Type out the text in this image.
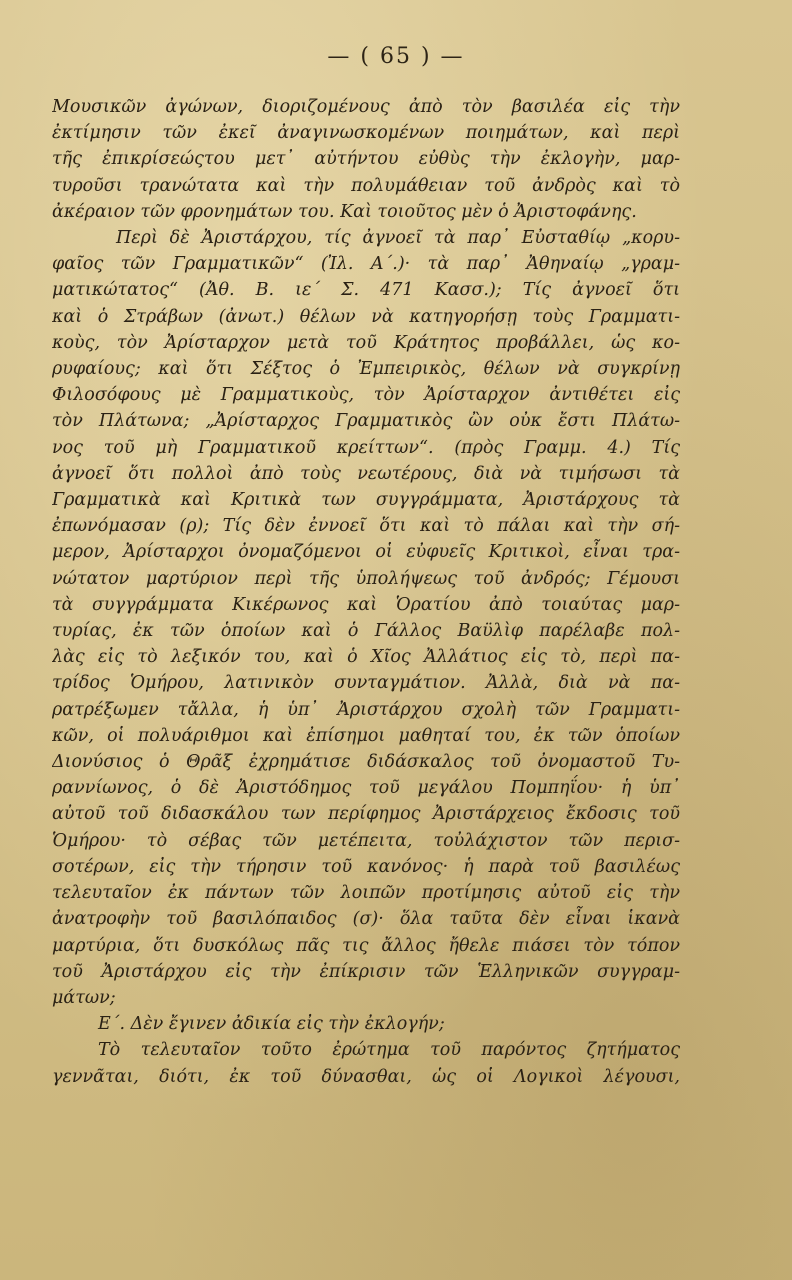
— ( 65 ) —
Μουσικῶν ἀγώνων, διοριζομένους ἀπὸ τὸν βασιλέα εἰς τὴν
ἐκτίμησιν τῶν ἐκεῖ ἀναγινωσκομένων ποιημάτων, καὶ περὶ
τῆς ἐπικρίσεώςτου μετ᾽ αὐτήντου εὐθὺς τὴν ἐκλογὴν, μαρ-
τυροῦσι τρανώτατα καὶ τὴν πολυμάθειαν τοῦ ἀνδρὸς καὶ τὸ
ἀκέραιον τῶν φρονημάτων του. Καὶ τοιοῦτος μὲν ὁ Ἀριστοφάνης.
Περὶ δὲ Ἀριστάρχου, τίς ἀγνοεῖ τὰ παρ᾽ Εὐσταθίῳ „κορυ-
φαῖος τῶν Γραμματικῶν“ (Ἰλ. Α΄.)· τὰ παρ᾽ Ἀθηναίῳ „γραμ-
ματικώτατος“ (Ἀθ. Β. ιε΄ Σ. 471 Κασσ.); Τίς ἀγνοεῖ ὅτι
καὶ ὁ Στράβων (ἀνωτ.) θέλων νὰ κατηγορήσῃ τοὺς Γραμματι-
κοὺς, τὸν Ἀρίσταρχον μετὰ τοῦ Κράτητος προβάλλει, ὡς κο-
ρυφαίους; καὶ ὅτι Σέξτος ὁ Ἐμπειρικὸς, θέλων νὰ συγκρίνῃ
Φιλοσόφους μὲ Γραμματικοὺς, τὸν Ἀρίσταρχον ἀντιθέτει εἰς
τὸν Πλάτωνα; „Ἀρίσταρχος Γραμματικὸς ὢν οὐκ ἔστι Πλάτω-
νος τοῦ μὴ Γραμματικοῦ κρείττων“. (πρὸς Γραμμ. 4.) Τίς
ἀγνοεῖ ὅτι πολλοὶ ἀπὸ τοὺς νεωτέρους, διὰ νὰ τιμήσωσι τὰ
Γραμματικὰ καὶ Κριτικὰ των συγγράμματα, Ἀριστάρχους τὰ
ἐπωνόμασαν (ρ); Τίς δὲν ἐννοεῖ ὅτι καὶ τὸ πάλαι καὶ τὴν σή-
μερον, Ἀρίσταρχοι ὀνομαζόμενοι οἱ εὐφυεῖς Κριτικοὶ, εἶναι τρα-
νώτατον μαρτύριον περὶ τῆς ὑπολήψεως τοῦ ἀνδρός; Γέμουσι
τὰ συγγράμματα Κικέρωνος καὶ Ὁρατίου ἀπὸ τοιαύτας μαρ-
τυρίας, ἐκ τῶν ὁποίων καὶ ὁ Γάλλος Βαϋλὶφ παρέλαβε πολ-
λὰς εἰς τὸ λεξικόν του, καὶ ὁ Χῖος Ἀλλάτιος εἰς τὸ, περὶ πα-
τρίδος Ὁμήρου, λατινικὸν συνταγμάτιον. Ἀλλὰ, διὰ νὰ πα-
ρατρέξωμεν τἄλλα, ἡ ὑπ᾽ Ἀριστάρχου σχολὴ τῶν Γραμματι-
κῶν, οἱ πολυάριθμοι καὶ ἐπίσημοι μαθηταί του, ἐκ τῶν ὁποίων
Διονύσιος ὁ Θρᾶξ ἐχρημάτισε διδάσκαλος τοῦ ὀνομαστοῦ Τυ-
ραννίωνος, ὁ δὲ Ἀριστόδημος τοῦ μεγάλου Πομπηΐου· ἡ ὑπ᾽
αὐτοῦ τοῦ διδασκάλου των περίφημος Ἀριστάρχειος ἔκδοσις τοῦ
Ὁμήρου· τὸ σέβας τῶν μετέπειτα, τοὐλάχιστον τῶν περισ-
σοτέρων, εἰς τὴν τήρησιν τοῦ κανόνος· ἡ παρὰ τοῦ βασιλέως
τελευταῖον ἐκ πάντων τῶν λοιπῶν προτίμησις αὐτοῦ εἰς τὴν
ἀνατροφὴν τοῦ βασιλόπαιδος (σ)· ὅλα ταῦτα δὲν εἶναι ἱκανὰ
μαρτύρια, ὅτι δυσκόλως πᾶς τις ἄλλος ἤθελε πιάσει τὸν τόπον
τοῦ Ἀριστάρχου εἰς τὴν ἐπίκρισιν τῶν Ἑλληνικῶν συγγραμ-
μάτων;
Ε΄. Δὲν ἔγινεν ἀδικία εἰς τὴν ἐκλογήν;
Τὸ τελευταῖον τοῦτο ἐρώτημα τοῦ παρόντος ζητήματος
γεννᾶται, διότι, ἐκ τοῦ δύνασθαι, ὡς οἱ Λογικοὶ λέγουσι,
